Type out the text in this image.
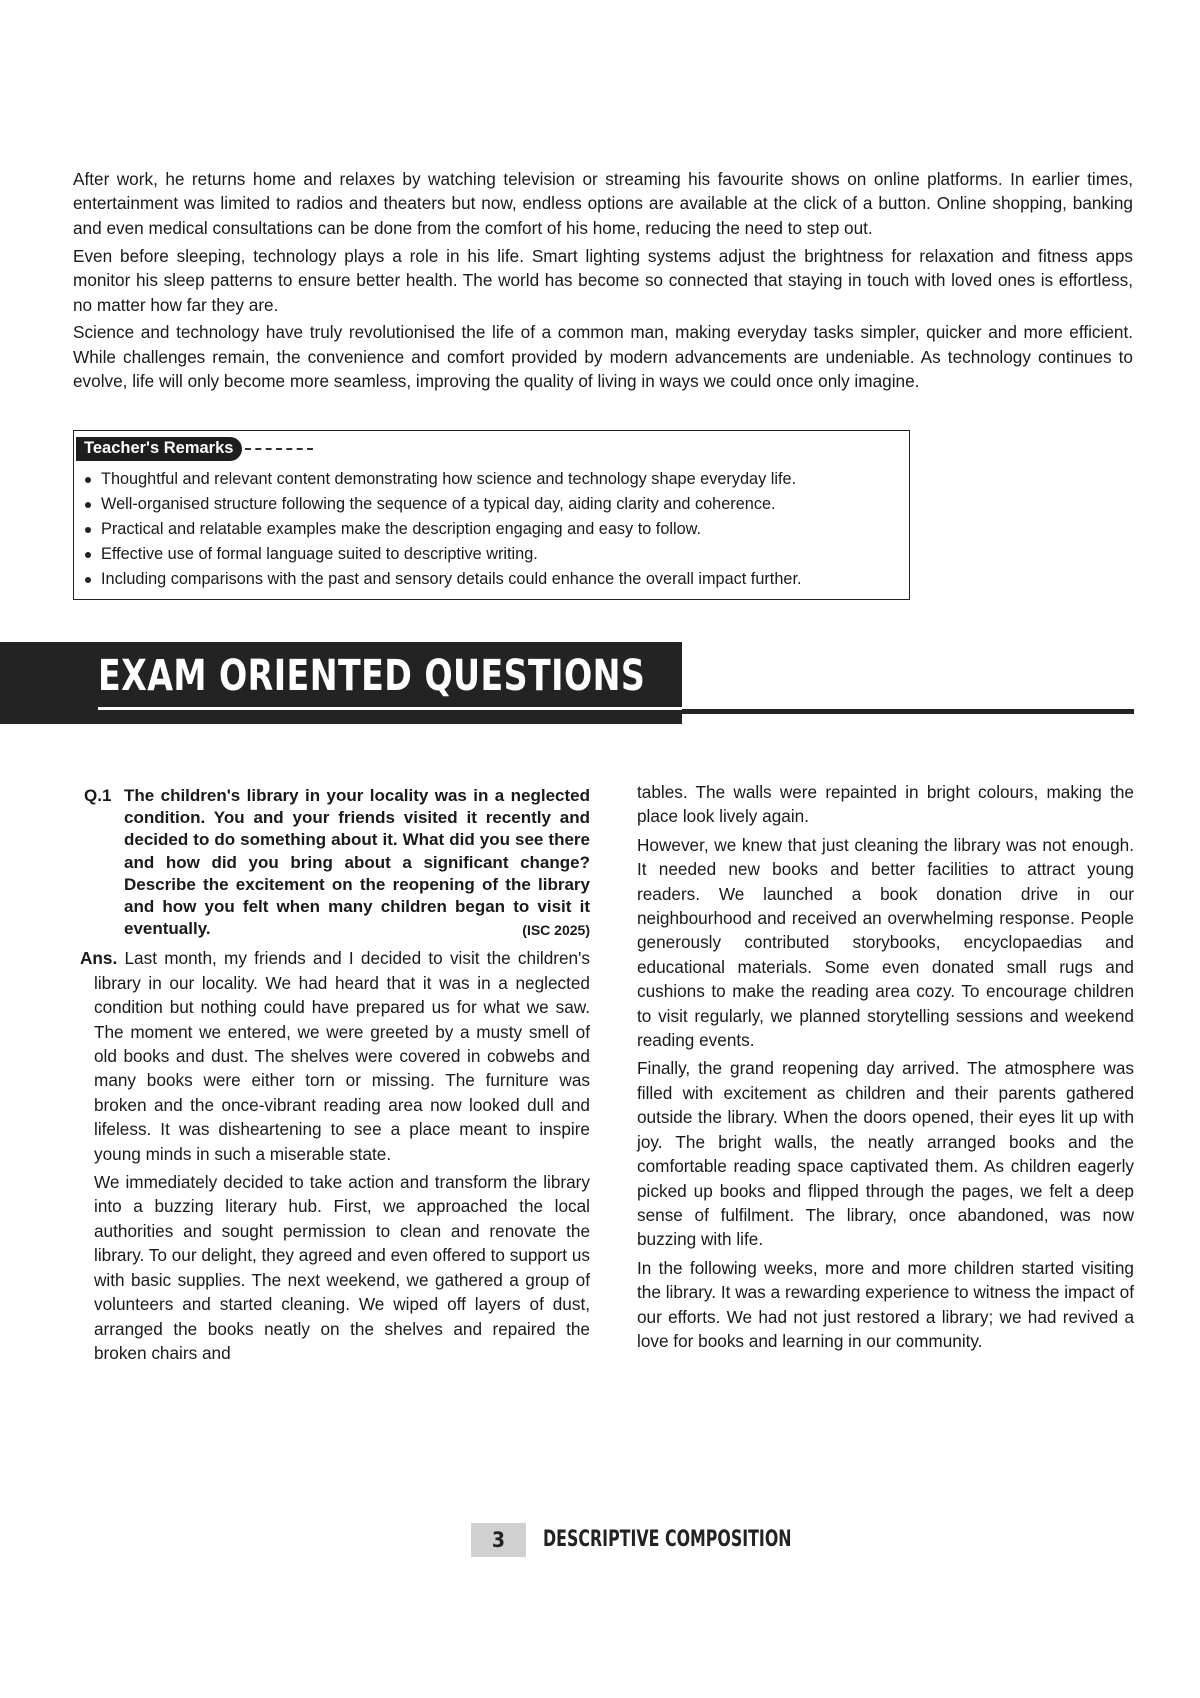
After work, he returns home and relaxes by watching television or streaming his favourite shows on online platforms. In earlier times, entertainment was limited to radios and theaters but now, endless options are available at the click of a button. Online shopping, banking and even medical consultations can be done from the comfort of his home, reducing the need to step out.

Even before sleeping, technology plays a role in his life. Smart lighting systems adjust the brightness for relaxation and fitness apps monitor his sleep patterns to ensure better health. The world has become so connected that staying in touch with loved ones is effortless, no matter how far they are.

Science and technology have truly revolutionised the life of a common man, making everyday tasks simpler, quicker and more efficient. While challenges remain, the convenience and comfort provided by modern advancements are undeniable. As technology continues to evolve, life will only become more seamless, improving the quality of living in ways we could once only imagine.

Teacher's Remarks
Thoughtful and relevant content demonstrating how science and technology shape everyday life.
Well-organised structure following the sequence of a typical day, aiding clarity and coherence.
Practical and relatable examples make the description engaging and easy to follow.
Effective use of formal language suited to descriptive writing.
Including comparisons with the past and sensory details could enhance the overall impact further.
EXAM ORIENTED QUESTIONS
Q.1 The children's library in your locality was in a neglected condition. You and your friends visited it recently and decided to do something about it. What did you see there and how did you bring about a significant change? Describe the excitement on the reopening of the library and how you felt when many children began to visit it eventually.	(ISC 2025)

Ans. Last month, my friends and I decided to visit the children's library in our locality. We had heard that it was in a neglected condition but nothing could have prepared us for what we saw. The moment we entered, we were greeted by a musty smell of old books and dust. The shelves were covered in cobwebs and many books were either torn or missing. The furniture was broken and the once-vibrant reading area now looked dull and lifeless. It was disheartening to see a place meant to inspire young minds in such a miserable state.

We immediately decided to take action and transform the library into a buzzing literary hub. First, we approached the local authorities and sought permission to clean and renovate the library. To our delight, they agreed and even offered to support us with basic supplies. The next weekend, we gathered a group of volunteers and started cleaning. We wiped off layers of dust, arranged the books neatly on the shelves and repaired the broken chairs and

tables. The walls were repainted in bright colours, making the place look lively again.

However, we knew that just cleaning the library was not enough. It needed new books and better facilities to attract young readers. We launched a book donation drive in our neighbourhood and received an overwhelming response. People generously contributed storybooks, encyclopaedias and educational materials. Some even donated small rugs and cushions to make the reading area cozy. To encourage children to visit regularly, we planned storytelling sessions and weekend reading events.

Finally, the grand reopening day arrived. The atmosphere was filled with excitement as children and their parents gathered outside the library. When the doors opened, their eyes lit up with joy. The bright walls, the neatly arranged books and the comfortable reading space captivated them. As children eagerly picked up books and flipped through the pages, we felt a deep sense of fulfilment. The library, once abandoned, was now buzzing with life.

In the following weeks, more and more children started visiting the library. It was a rewarding experience to witness the impact of our efforts. We had not just restored a library; we had revived a love for books and learning in our community.

3	DESCRIPTIVE COMPOSITION
